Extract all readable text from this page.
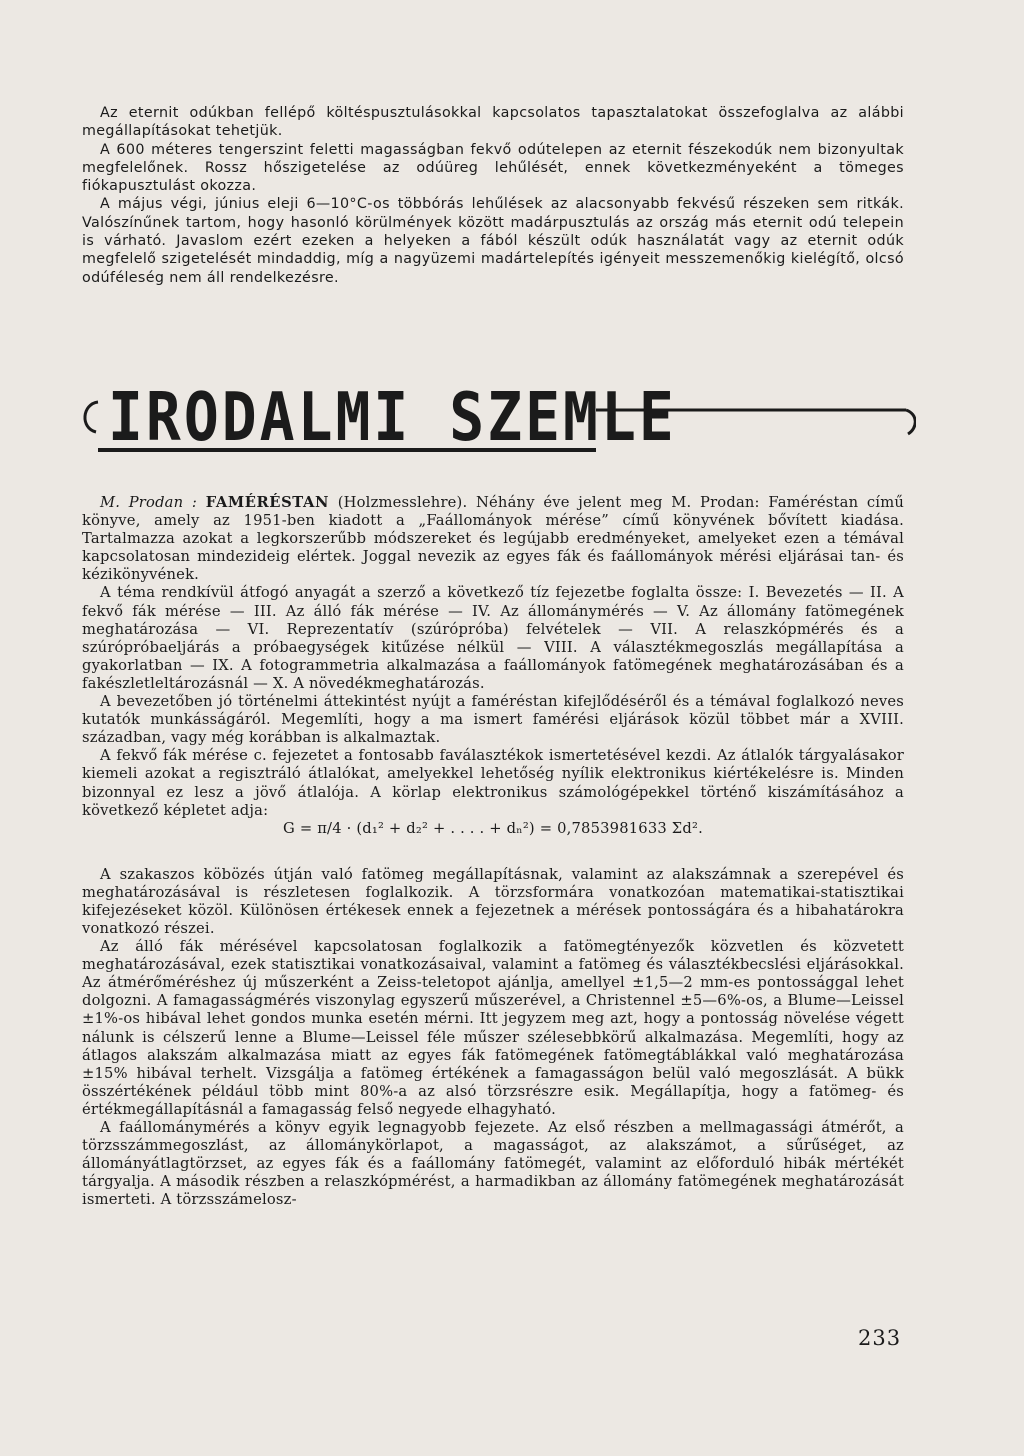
Az eternit odúkban fellépő költéspusztulásokkal kapcsolatos tapasztalatokat összefoglalva az alábbi megállapításokat tehetjük.

A 600 méteres tengerszint feletti magasságban fekvő odútelepen az eternit fészekodúk nem bizonyultak megfelelőnek. Rossz hőszigetelése az odúüreg lehűlését, ennek következményeként a tömeges fiókapusztulást okozza.

A május végi, június eleji 6—10°C-os többórás lehűlések az alacsonyabb fekvésű részeken sem ritkák. Valószínűnek tartom, hogy hasonló körülmények között madárpusztulás az ország más eternit odú telepein is várható. Javaslom ezért ezeken a helyeken a fából készült odúk használatát vagy az eternit odúk megfelelő szigetelését mindaddig, míg a nagyüzemi madártelepítés igényeit messzemenőkig kielégítő, olcsó odúféleség nem áll rendelkezésre.

IRODALMI SZEMLE

M. Prodan : FAMÉRÉSTAN (Holzmesslehre). Néhány éve jelent meg M. Prodan: Faméréstan című könyve, amely az 1951-ben kiadott a „Faállományok mérése” című könyvének bővített kiadása. Tartalmazza azokat a legkorszerűbb módszereket és legújabb eredményeket, amelyeket ezen a témával kapcsolatosan mindezideig elértek. Joggal nevezik az egyes fák és faállományok mérési eljárásai tan- és kézikönyvének.

A téma rendkívül átfogó anyagát a szerző a következő tíz fejezetbe foglalta össze: I. Bevezetés — II. A fekvő fák mérése — III. Az álló fák mérése — IV. Az állománymérés — V. Az állomány fatömegének meghatározása — VI. Reprezentatív (szúrópróba) felvételek — VII. A relaszkópmérés és a szúrópróbaeljárás a próbaegységek kitűzése nélkül — VIII. A választékmegoszlás megállapítása a gyakorlatban — IX. A fotogrammetria alkalmazása a faállományok fatömegének meghatározásában és a fakészletleltározásnál — X. A növedékmeghatározás.

A bevezetőben jó történelmi áttekintést nyújt a faméréstan kifejlődéséről és a témával foglalkozó neves kutatók munkásságáról. Megemlíti, hogy a ma ismert famérési eljárások közül többet már a XVIII. században, vagy még korábban is alkalmaztak.

A fekvő fák mérése c. fejezetet a fontosabb faválasztékok ismertetésével kezdi. Az átlalók tárgyalásakor kiemeli azokat a regisztráló átlalókat, amelyekkel lehetőség nyílik elektronikus kiértékelésre is. Minden bizonnyal ez lesz a jövő átlalója. A körlap elektronikus számológépekkel történő kiszámításához a következő képletet adja:

G = π/4 · (d₁² + d₂² + . . . . + dₙ²) = 0,7853981633 Σd².

A szakaszos köbözés útján való fatömeg megállapításnak, valamint az alakszámnak a szerepével és meghatározásával is részletesen foglalkozik. A törzsformára vonatkozóan matematikai-statisztikai kifejezéseket közöl. Különösen értékesek ennek a fejezetnek a mérések pontosságára és a hibahatárokra vonatkozó részei.

Az álló fák mérésével kapcsolatosan foglalkozik a fatömegtényezők közvetlen és közvetett meghatározásával, ezek statisztikai vonatkozásaival, valamint a fatömeg és választékbecslési eljárásokkal. Az átmérőméréshez új műszerként a Zeiss-teletopot ajánlja, amellyel ±1,5—2 mm-es pontossággal lehet dolgozni. A famagasságmérés viszonylag egyszerű műszerével, a Christennel ±5—6%-os, a Blume—Leissel ±1%-os hibával lehet gondos munka esetén mérni. Itt jegyzem meg azt, hogy a pontosság növelése végett nálunk is célszerű lenne a Blume—Leissel féle műszer szélesebbkörű alkalmazása. Megemlíti, hogy az átlagos alakszám alkalmazása miatt az egyes fák fatömegének fatömegtáblákkal való meghatározása ±15% hibával terhelt. Vizsgálja a fatömeg értékének a famagasságon belül való megoszlását. A bükk összértékének például több mint 80%-a az alsó törzsrészre esik. Megállapítja, hogy a fatömeg- és értékmegállapításnál a famagasság felső negyede elhagyható.

A faállománymérés a könyv egyik legnagyobb fejezete. Az első részben a mellmagassági átmérőt, a törzsszámmegoszlást, az állománykörlapot, a magasságot, az alakszámot, a sűrűséget, az állományátlagtörzset, az egyes fák és a faállomány fatömegét, valamint az előforduló hibák mértékét tárgyalja. A második részben a relaszkópmérést, a harmadikban az állomány fatömegének meghatározását ismerteti. A törzsszámelosz-

233
